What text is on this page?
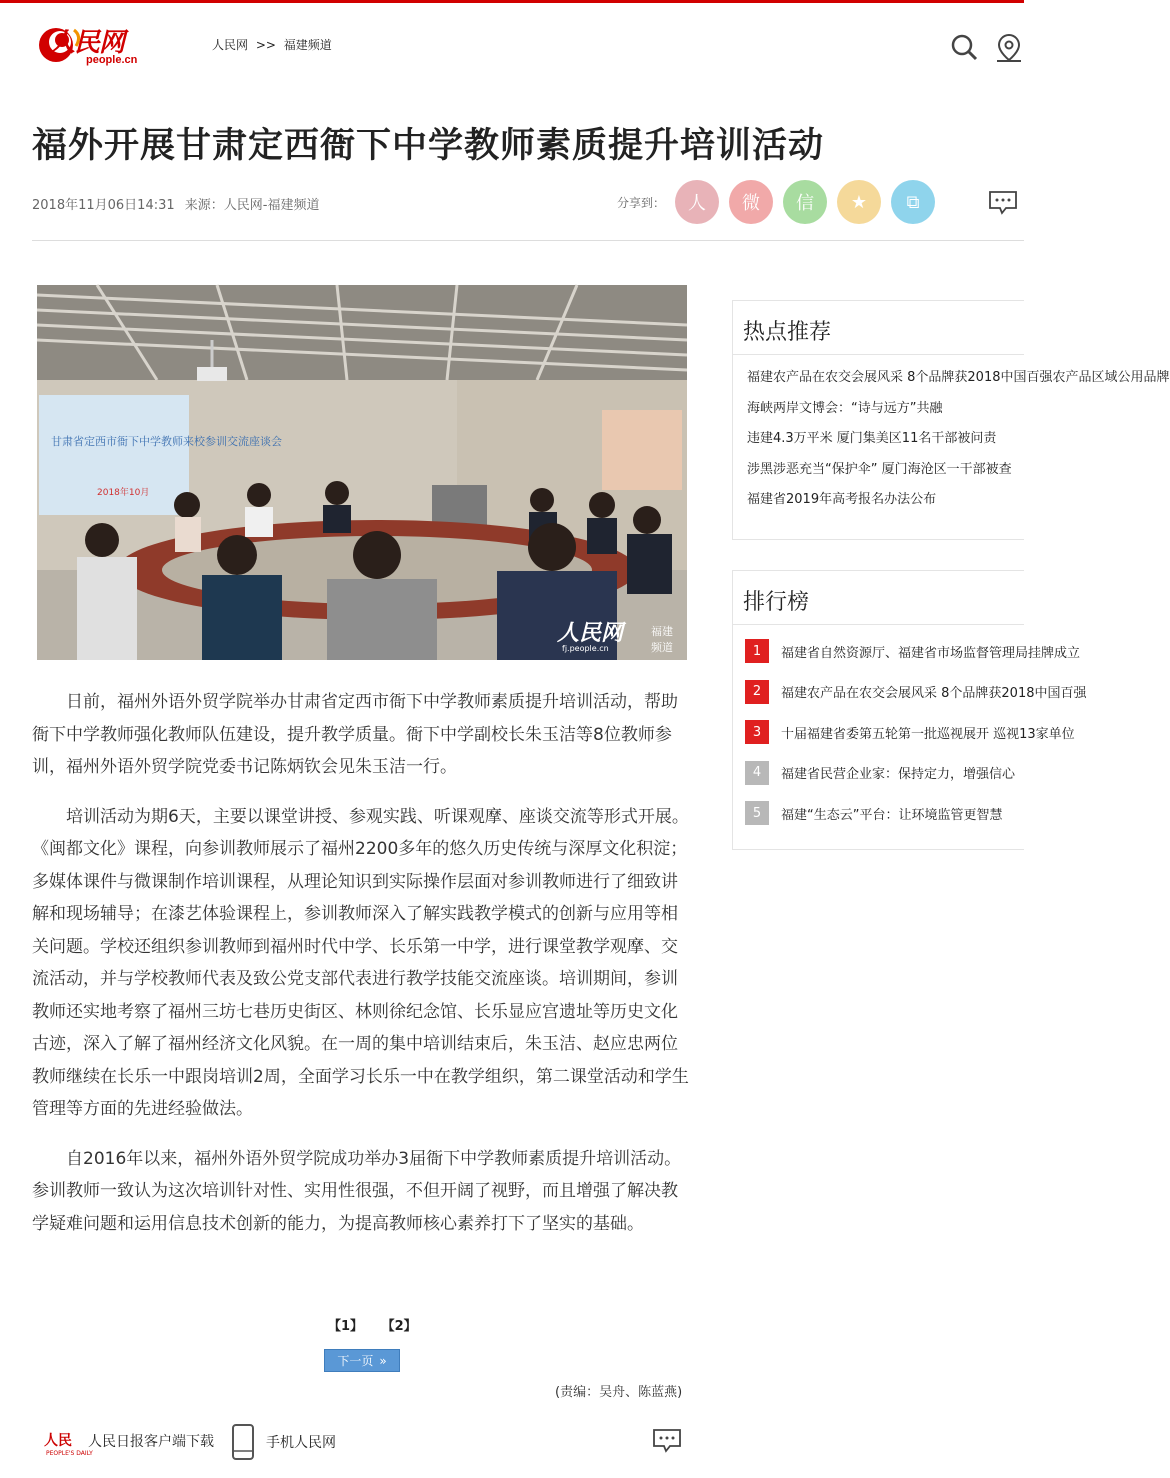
人民网
people.cn
人民网 >> 福建频道
福外开展甘肃定西衙下中学教师素质提升培训活动
2018年11月06日14:31 来源：人民网-福建频道	分享到： 人 微 信 ★ ⧉
甘肃省定西市衙下中学教师来校参训交流座谈会
2018年10月
人民网	福建
频道
fj.people.cn

日前，福州外语外贸学院举办甘肃省定西市衙下中学教师素质提升培训活动，帮助衙下中学教师强化教师队伍建设，提升教学质量。衙下中学副校长朱玉洁等8位教师参训，福州外语外贸学院党委书记陈炳钦会见朱玉洁一行。

培训活动为期6天，主要以课堂讲授、参观实践、听课观摩、座谈交流等形式开展。《闽都文化》课程，向参训教师展示了福州2200多年的悠久历史传统与深厚文化积淀；多媒体课件与微课制作培训课程，从理论知识到实际操作层面对参训教师进行了细致讲解和现场辅导；在漆艺体验课程上，参训教师深入了解实践教学模式的创新与应用等相关问题。学校还组织参训教师到福州时代中学、长乐第一中学，进行课堂教学观摩、交流活动，并与学校教师代表及致公党支部代表进行教学技能交流座谈。培训期间，参训教师还实地考察了福州三坊七巷历史街区、林则徐纪念馆、长乐显应宫遗址等历史文化古迹，深入了解了福州经济文化风貌。在一周的集中培训结束后，朱玉洁、赵应忠两位教师继续在长乐一中跟岗培训2周，全面学习长乐一中在教学组织，第二课堂活动和学生管理等方面的先进经验做法。

自2016年以来，福州外语外贸学院成功举办3届衙下中学教师素质提升培训活动。参训教师一致认为这次培训针对性、实用性很强，不但开阔了视野，而且增强了解决教学疑难问题和运用信息技术创新的能力，为提高教师核心素养打下了坚实的基础。

【1】 【2】
下一页 »
(责编：吴舟、陈蓝燕)
人民
PEOPLE'S DAILY
人民日报客户端下载	手机人民网
热点推荐
福建农产品在农交会展风采 8个品牌获2018中国百强农产品区域公用品牌
海峡两岸文博会：“诗与远方”共融
违建4.3万平米 厦门集美区11名干部被问责
涉黑涉恶充当“保护伞” 厦门海沧区一干部被查
福建省2019年高考报名办法公布
排行榜
1	福建省自然资源厅、福建省市场监督管理局挂牌成立
2	福建农产品在农交会展风采 8个品牌获2018中国百强
3	十届福建省委第五轮第一批巡视展开 巡视13家单位
4	福建省民营企业家：保持定力，增强信心
5	福建“生态云”平台：让环境监管更智慧
